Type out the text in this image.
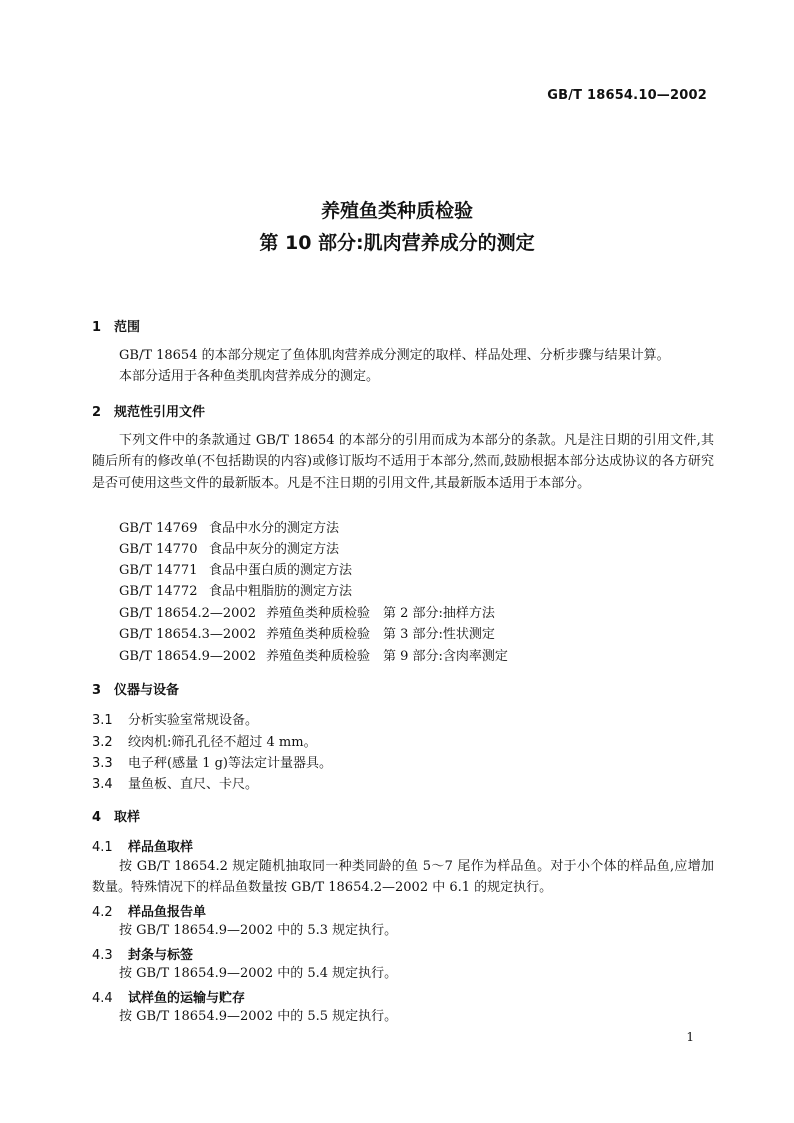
GB/T 18654.10—2002
养殖鱼类种质检验
第 10 部分:肌肉营养成分的测定
1 范围
GB/T 18654 的本部分规定了鱼体肌肉营养成分测定的取样、样品处理、分析步骤与结果计算。
本部分适用于各种鱼类肌肉营养成分的测定。
2 规范性引用文件
下列文件中的条款通过 GB/T 18654 的本部分的引用而成为本部分的条款。凡是注日期的引用文件,其随后所有的修改单(不包括勘误的内容)或修订版均不适用于本部分,然而,鼓励根据本部分达成协议的各方研究是否可使用这些文件的最新版本。凡是不注日期的引用文件,其最新版本适用于本部分。
GB/T 14769 食品中水分的测定方法
GB/T 14770 食品中灰分的测定方法
GB/T 14771 食品中蛋白质的测定方法
GB/T 14772 食品中粗脂肪的测定方法
GB/T 18654.2—2002 养殖鱼类种质检验　第 2 部分:抽样方法
GB/T 18654.3—2002 养殖鱼类种质检验　第 3 部分:性状测定
GB/T 18654.9—2002 养殖鱼类种质检验　第 9 部分:含肉率测定
3 仪器与设备
3.1 分析实验室常规设备。
3.2 绞肉机:筛孔孔径不超过 4 mm。
3.3 电子秤(感量 1 g)等法定计量器具。
3.4 量鱼板、直尺、卡尺。
4 取样
4.1 样品鱼取样
按 GB/T 18654.2 规定随机抽取同一种类同龄的鱼 5～7 尾作为样品鱼。对于小个体的样品鱼,应增加数量。特殊情况下的样品鱼数量按 GB/T 18654.2—2002 中 6.1 的规定执行。
4.2 样品鱼报告单
按 GB/T 18654.9—2002 中的 5.3 规定执行。
4.3 封条与标签
按 GB/T 18654.9—2002 中的 5.4 规定执行。
4.4 试样鱼的运输与贮存
按 GB/T 18654.9—2002 中的 5.5 规定执行。
1
